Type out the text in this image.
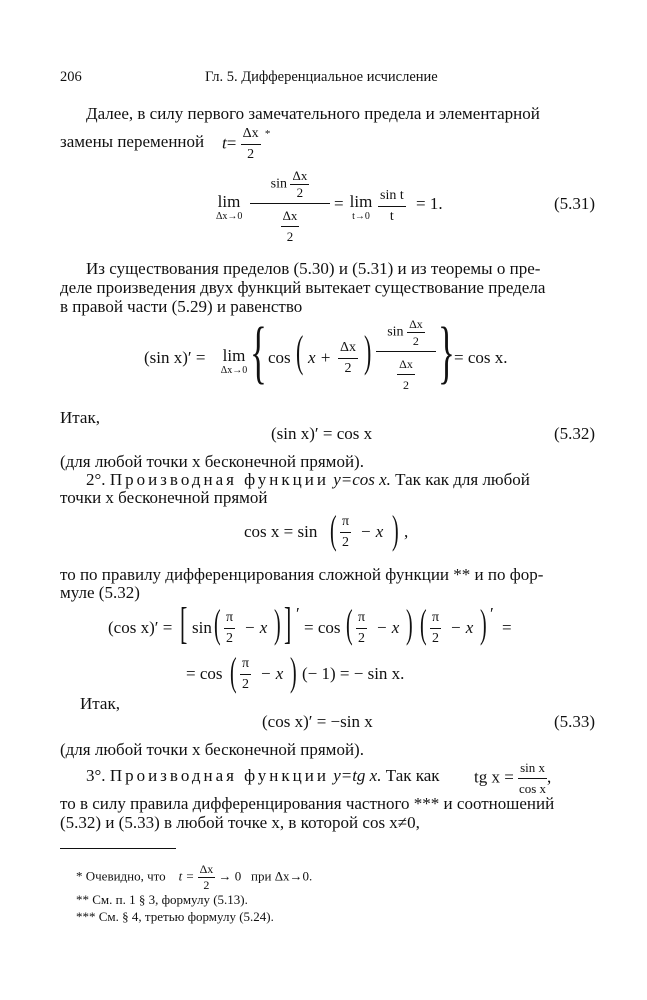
206	Гл. 5. Дифференциальное исчисление
Далее, в силу первого замечательного предела и элементарной
замены переменной $t= \frac{\Delta x}{2} ^*$
lim
Δx→0
$\sin \frac{\Delta x}{2}$
$\frac{\Delta x}{2}$
= lim
$t\to 0 \frac{\text{sin t}}{t} = 1$.	(5.31)
Из существования пределов (5.30) и (5.31) и из теоремы о пре-
деле произведения двух функций вытекает существование предела
в правой части (5.29) и равенство
(sin x)′ = lim
Δx→0 { cos ( $x + \frac{\Delta x}{2}$ )	$\sin \frac{\Delta x}{2}$
$\frac{\Delta x}{2}$ } = cos x.
Итак,
(sin x)′ = cos x	(5.32)
(для любой точки x бесконечной прямой).
2°. Производная функции y=cos x. Так как для любой
точки x бесконечной прямой
cos x = sin ( $\frac{\pi}{2} - x$ ) ,
то по правилу дифференцирования сложной функции ** и по фор-
муле (5.32)
(cos x)′ = [ sin ( $\frac{\pi}{2} - x$ ) ] ′
= cos ( $\frac{\pi}{2} - x$ ) ( $\frac{\pi}{2} - x$ ) ′
=
= cos ( $\frac{\pi}{2} - x$ ) (− 1) = − sin x.
Итак,
(cos x)′ = −sin x	(5.33)
(для любой точки x бесконечной прямой).
3°. Производная функции y=tg x. Так как tg $x = \frac{\text{sin x}}{\text{cos x}}$ ,
то в силу правила дифференцирования частного *** и соотношений
(5.32) и (5.33) в любой точке x, в которой cos x≠0,
* Очевидно, что $t = \frac{\Delta x}{2} \to 0$ при Δx→0.
** См. п. 1 § 3, формулу (5.13).
*** См. § 4, третью формулу (5.24).
